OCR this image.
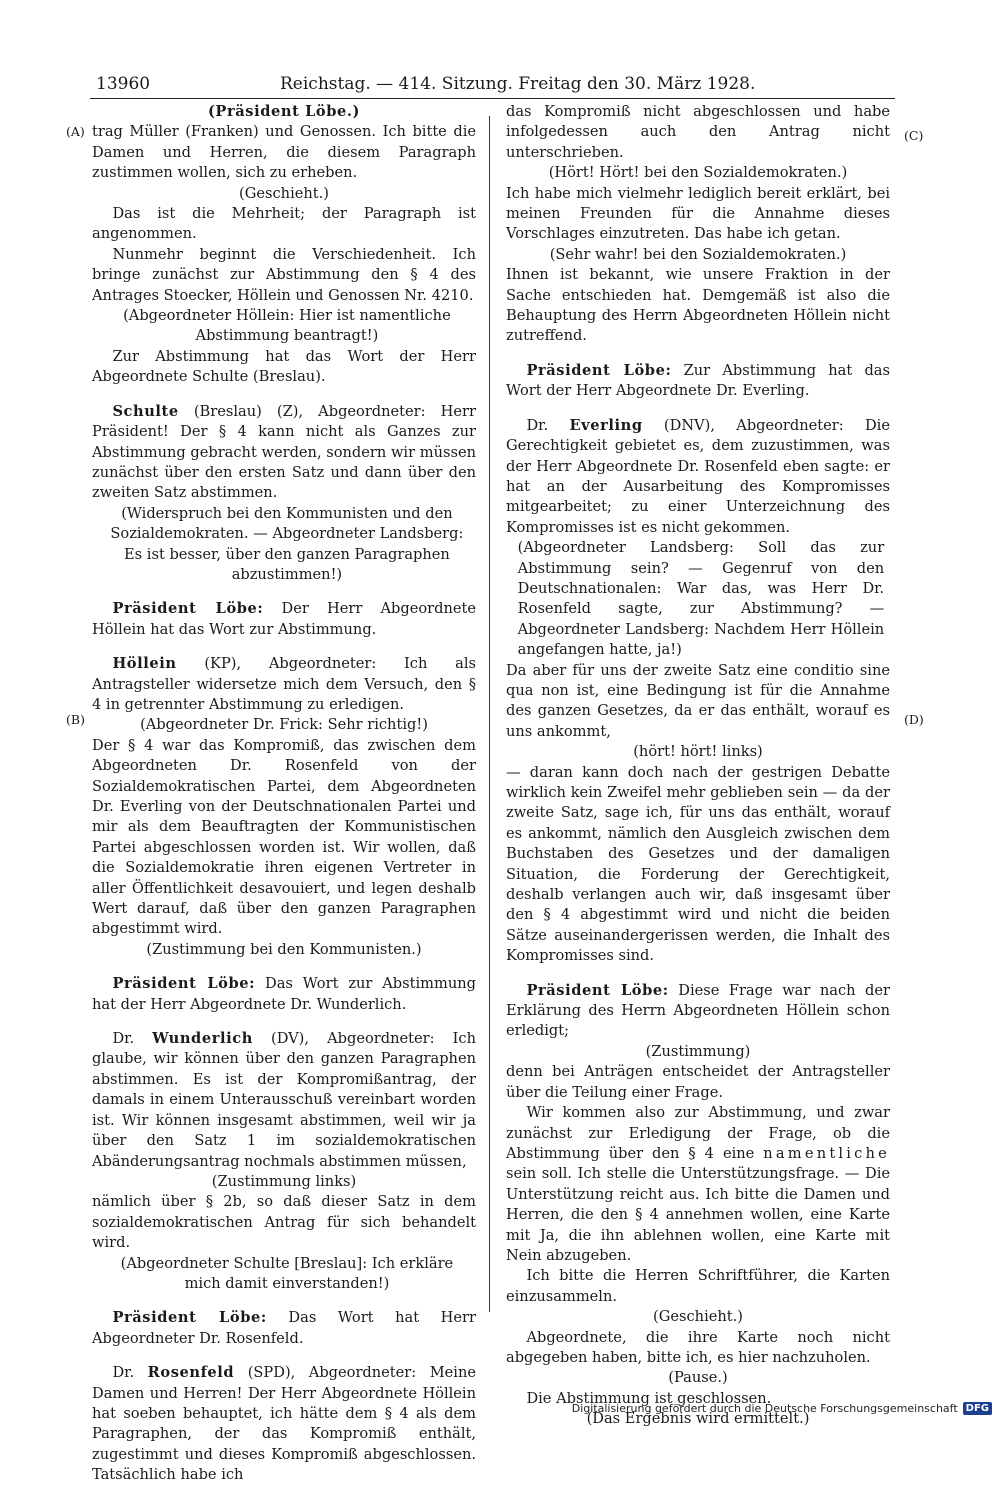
13960	Reichstag. — 414. Sitzung. Freitag den 30. März 1928.
(A)
(B)
(C)
(D)

(Präsident Löbe.)

trag Müller (Franken) und Genossen. Ich bitte die Damen und Herren, die diesem Paragraph zustimmen wollen, sich zu erheben.

(Geschieht.)

Das ist die Mehrheit; der Paragraph ist angenommen.

Nunmehr beginnt die Verschiedenheit. Ich bringe zunächst zur Abstimmung den § 4 des Antrages Stoecker, Höllein und Genossen Nr. 4210.

(Abgeordneter Höllein: Hier ist namentliche Abstimmung beantragt!)

Zur Abstimmung hat das Wort der Herr Abgeordnete Schulte (Breslau).

Schulte (Breslau) (Z), Abgeordneter: Herr Präsident! Der § 4 kann nicht als Ganzes zur Abstimmung gebracht werden, sondern wir müssen zunächst über den ersten Satz und dann über den zweiten Satz abstimmen.

(Widerspruch bei den Kommunisten und den Sozialdemokraten. — Abgeordneter Landsberg: Es ist besser, über den ganzen Paragraphen abzustimmen!)

Präsident Löbe: Der Herr Abgeordnete Höllein hat das Wort zur Abstimmung.

Höllein (KP), Abgeordneter: Ich als Antragsteller widersetze mich dem Versuch, den § 4 in getrennter Abstimmung zu erledigen.

(Abgeordneter Dr. Frick: Sehr richtig!)

Der § 4 war das Kompromiß, das zwischen dem Abgeordneten Dr. Rosenfeld von der Sozialdemokratischen Partei, dem Abgeordneten Dr. Everling von der Deutschnationalen Partei und mir als dem Beauftragten der Kommunistischen Partei abgeschlossen worden ist. Wir wollen, daß die Sozialdemokratie ihren eigenen Vertreter in aller Öffentlichkeit desavouiert, und legen deshalb Wert darauf, daß über den ganzen Paragraphen abgestimmt wird.

(Zustimmung bei den Kommunisten.)

Präsident Löbe: Das Wort zur Abstimmung hat der Herr Abgeordnete Dr. Wunderlich.

Dr. Wunderlich (DV), Abgeordneter: Ich glaube, wir können über den ganzen Paragraphen abstimmen. Es ist der Kompromißantrag, der damals in einem Unterausschuß vereinbart worden ist. Wir können insgesamt abstimmen, weil wir ja über den Satz 1 im sozialdemokratischen Abänderungsantrag nochmals abstimmen müssen,

(Zustimmung links)

nämlich über § 2b, so daß dieser Satz in dem sozialdemokratischen Antrag für sich behandelt wird.

(Abgeordneter Schulte [Breslau]: Ich erkläre mich damit einverstanden!)

Präsident Löbe: Das Wort hat Herr Abgeordneter Dr. Rosenfeld.

Dr. Rosenfeld (SPD), Abgeordneter: Meine Damen und Herren! Der Herr Abgeordnete Höllein hat soeben behauptet, ich hätte dem § 4 als dem Paragraphen, der das Kompromiß enthält, zugestimmt und dieses Kompromiß abgeschlossen. Tatsächlich habe ich

das Kompromiß nicht abgeschlossen und habe infolgedessen auch den Antrag nicht unterschrieben.

(Hört! Hört! bei den Sozialdemokraten.)

Ich habe mich vielmehr lediglich bereit erklärt, bei meinen Freunden für die Annahme dieses Vorschlages einzutreten. Das habe ich getan.

(Sehr wahr! bei den Sozialdemokraten.)

Ihnen ist bekannt, wie unsere Fraktion in der Sache entschieden hat. Demgemäß ist also die Behauptung des Herrn Abgeordneten Höllein nicht zutreffend.

Präsident Löbe: Zur Abstimmung hat das Wort der Herr Abgeordnete Dr. Everling.

Dr. Everling (DNV), Abgeordneter: Die Gerechtigkeit gebietet es, dem zuzustimmen, was der Herr Abgeordnete Dr. Rosenfeld eben sagte: er hat an der Ausarbeitung des Kompromisses mitgearbeitet; zu einer Unterzeichnung des Kompromisses ist es nicht gekommen.

(Abgeordneter Landsberg: Soll das zur Abstimmung sein? — Gegenruf von den Deutschnationalen: War das, was Herr Dr. Rosenfeld sagte, zur Abstimmung? — Abgeordneter Landsberg: Nachdem Herr Höllein angefangen hatte, ja!)

Da aber für uns der zweite Satz eine conditio sine qua non ist, eine Bedingung ist für die Annahme des ganzen Gesetzes, da er das enthält, worauf es uns ankommt,

(hört! hört! links)

— daran kann doch nach der gestrigen Debatte wirklich kein Zweifel mehr geblieben sein — da der zweite Satz, sage ich, für uns das enthält, worauf es ankommt, nämlich den Ausgleich zwischen dem Buchstaben des Gesetzes und der damaligen Situation, die Forderung der Gerechtigkeit, deshalb verlangen auch wir, daß insgesamt über den § 4 abgestimmt wird und nicht die beiden Sätze auseinandergerissen werden, die Inhalt des Kompromisses sind.

Präsident Löbe: Diese Frage war nach der Erklärung des Herrn Abgeordneten Höllein schon erledigt;

(Zustimmung)

denn bei Anträgen entscheidet der Antragsteller über die Teilung einer Frage.

Wir kommen also zur Abstimmung, und zwar zunächst zur Erledigung der Frage, ob die Abstimmung über den § 4 eine namentliche sein soll. Ich stelle die Unterstützungsfrage. — Die Unterstützung reicht aus. Ich bitte die Damen und Herren, die den § 4 annehmen wollen, eine Karte mit Ja, die ihn ablehnen wollen, eine Karte mit Nein abzugeben.

Ich bitte die Herren Schriftführer, die Karten einzusammeln.

(Geschieht.)

Abgeordnete, die ihre Karte noch nicht abgegeben haben, bitte ich, es hier nachzuholen.

(Pause.)

Die Abstimmung ist geschlossen.

(Das Ergebnis wird ermittelt.)

Digitalisierung gefördert durch die Deutsche Forschungsgemeinschaft DFG
